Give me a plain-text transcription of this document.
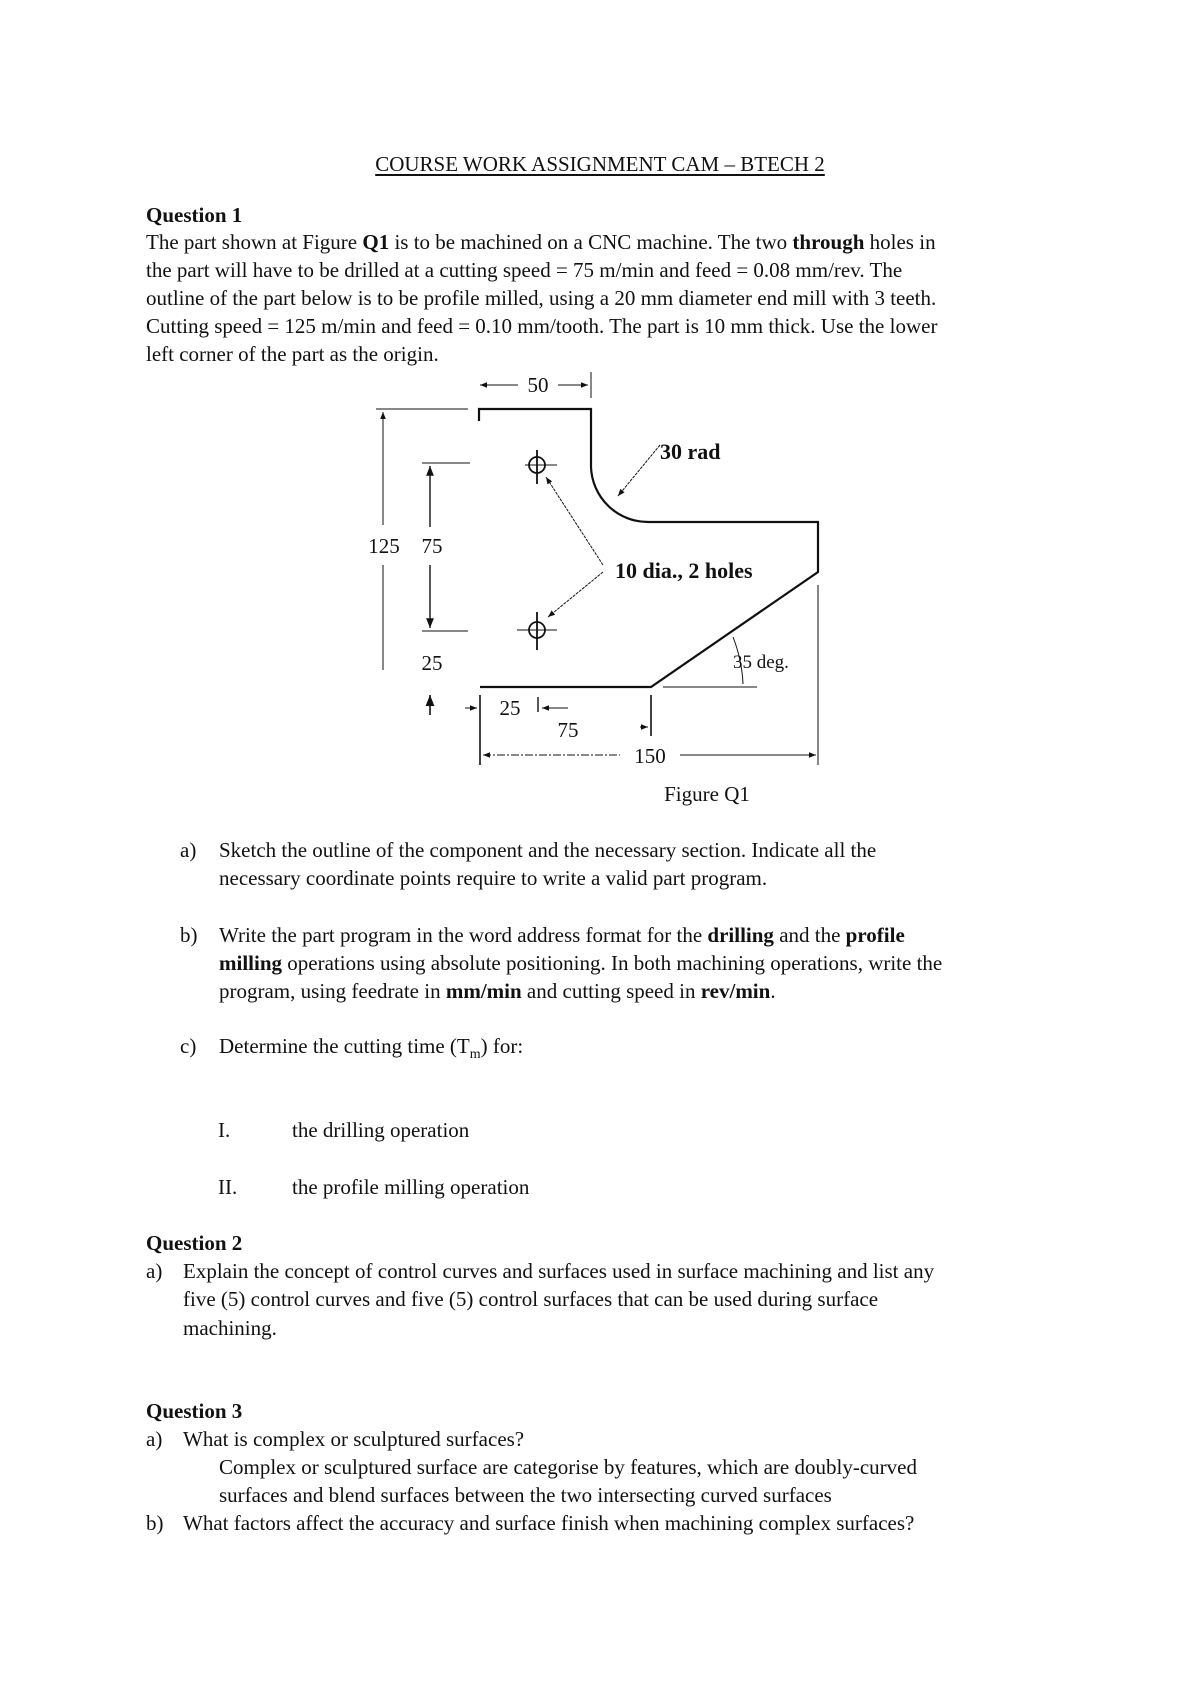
COURSE WORK ASSIGNMENT CAM – BTECH 2
Question 1
The part shown at Figure Q1 is to be machined on a CNC machine. The two through holes in
the part will have to be drilled at a cutting speed = 75 m/min and feed = 0.08 mm/rev. The
outline of the part below is to be profile milled, using a 20 mm diameter end mill with 3 teeth.
Cutting speed = 125 m/min and feed = 0.10 mm/tooth. The part is 10 mm thick. Use the lower
left corner of the part as the origin.
50
125 75
25
10 dia., 2 holes
30 rad
35 deg.
25
75
150
Figure Q1
a) Sketch the outline of the component and the necessary section. Indicate all the
necessary coordinate points require to write a valid part program.
b) Write the part program in the word address format for the drilling and the profile
milling operations using absolute positioning. In both machining operations, write the
program, using feedrate in mm/min and cutting speed in rev/min.
c) Determine the cutting time $(T_m)$ for:
I.	the drilling operation
II.	the profile milling operation
Question 2
a) Explain the concept of control curves and surfaces used in surface machining and list any
five (5) control curves and five (5) control surfaces that can be used during surface
machining.
Question 3
a) What is complex or sculptured surfaces?
Complex or sculptured surface are categorise by features, which are doubly-curved
surfaces and blend surfaces between the two intersecting curved surfaces
b) What factors affect the accuracy and surface finish when machining complex surfaces?
